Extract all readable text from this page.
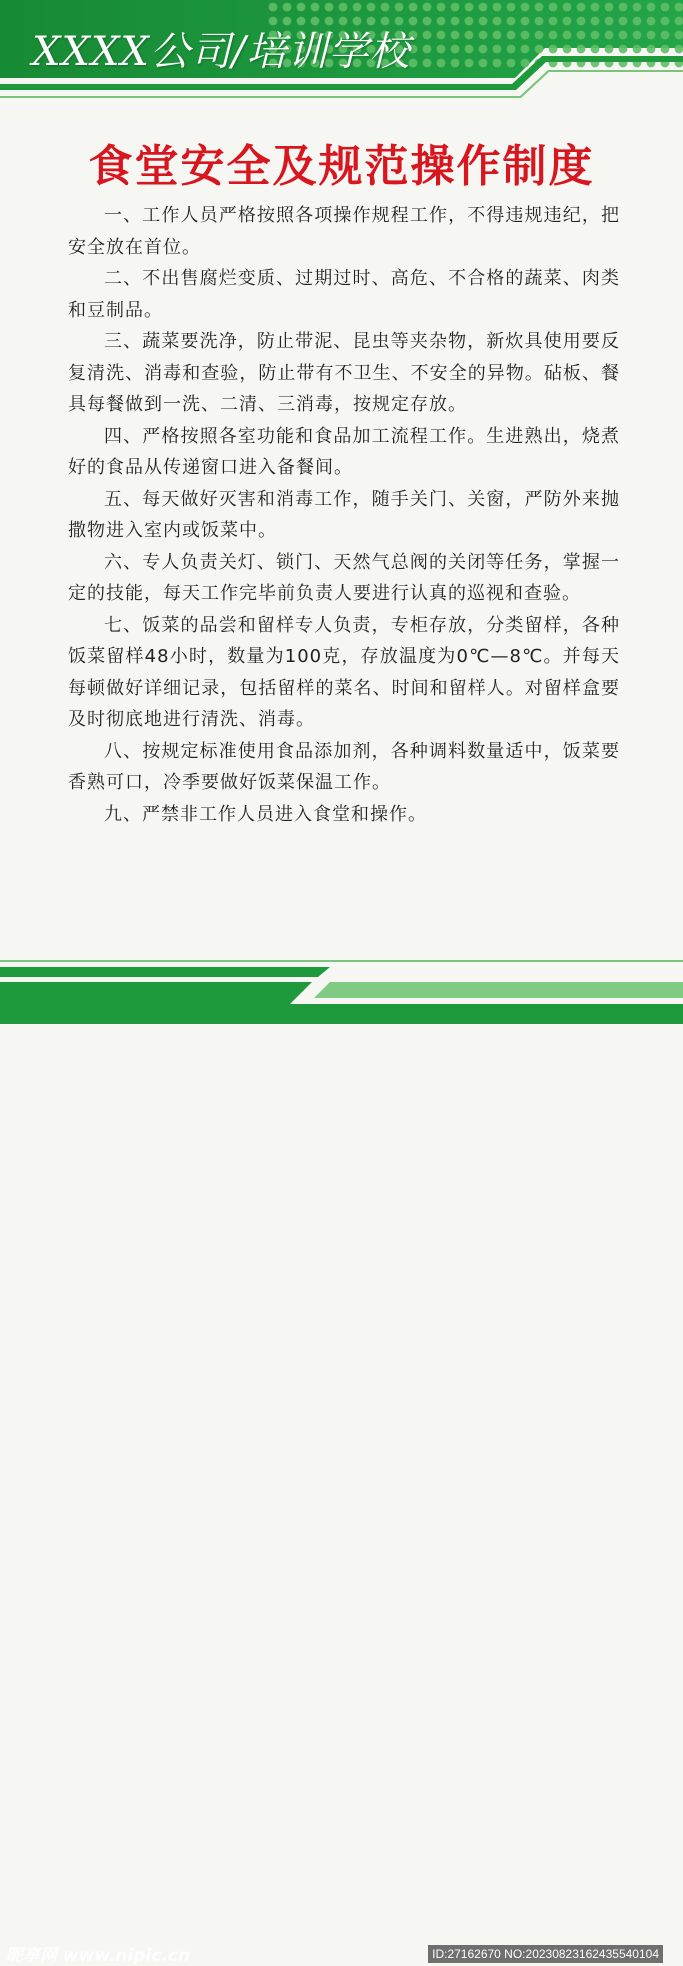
XXXX公司/培训学校
食堂安全及规范操作制度

一、工作人员严格按照各项操作规程工作，不得违规违纪，把安全放在首位。

二、不出售腐烂变质、过期过时、高危、不合格的蔬菜、肉类和豆制品。

三、蔬菜要洗净，防止带泥、昆虫等夹杂物，新炊具使用要反复清洗、消毒和查验，防止带有不卫生、不安全的异物。砧板、餐具每餐做到一洗、二清、三消毒，按规定存放。

四、严格按照各室功能和食品加工流程工作。生进熟出，烧煮好的食品从传递窗口进入备餐间。

五、每天做好灭害和消毒工作，随手关门、关窗，严防外来抛撒物进入室内或饭菜中。

六、专人负责关灯、锁门、天然气总阀的关闭等任务，掌握一定的技能，每天工作完毕前负责人要进行认真的巡视和查验。

七、饭菜的品尝和留样专人负责，专柜存放，分类留样，各种饭菜留样48小时，数量为100克，存放温度为0℃—8℃。并每天每顿做好详细记录，包括留样的菜名、时间和留样人。对留样盒要及时彻底地进行清洗、消毒。

八、按规定标准使用食品添加剂，各种调料数量适中，饭菜要香熟可口，冷季要做好饭菜保温工作。

九、严禁非工作人员进入食堂和操作。

昵享网 www.nipic.cn	ID:27162670 NO:20230823162435540104
